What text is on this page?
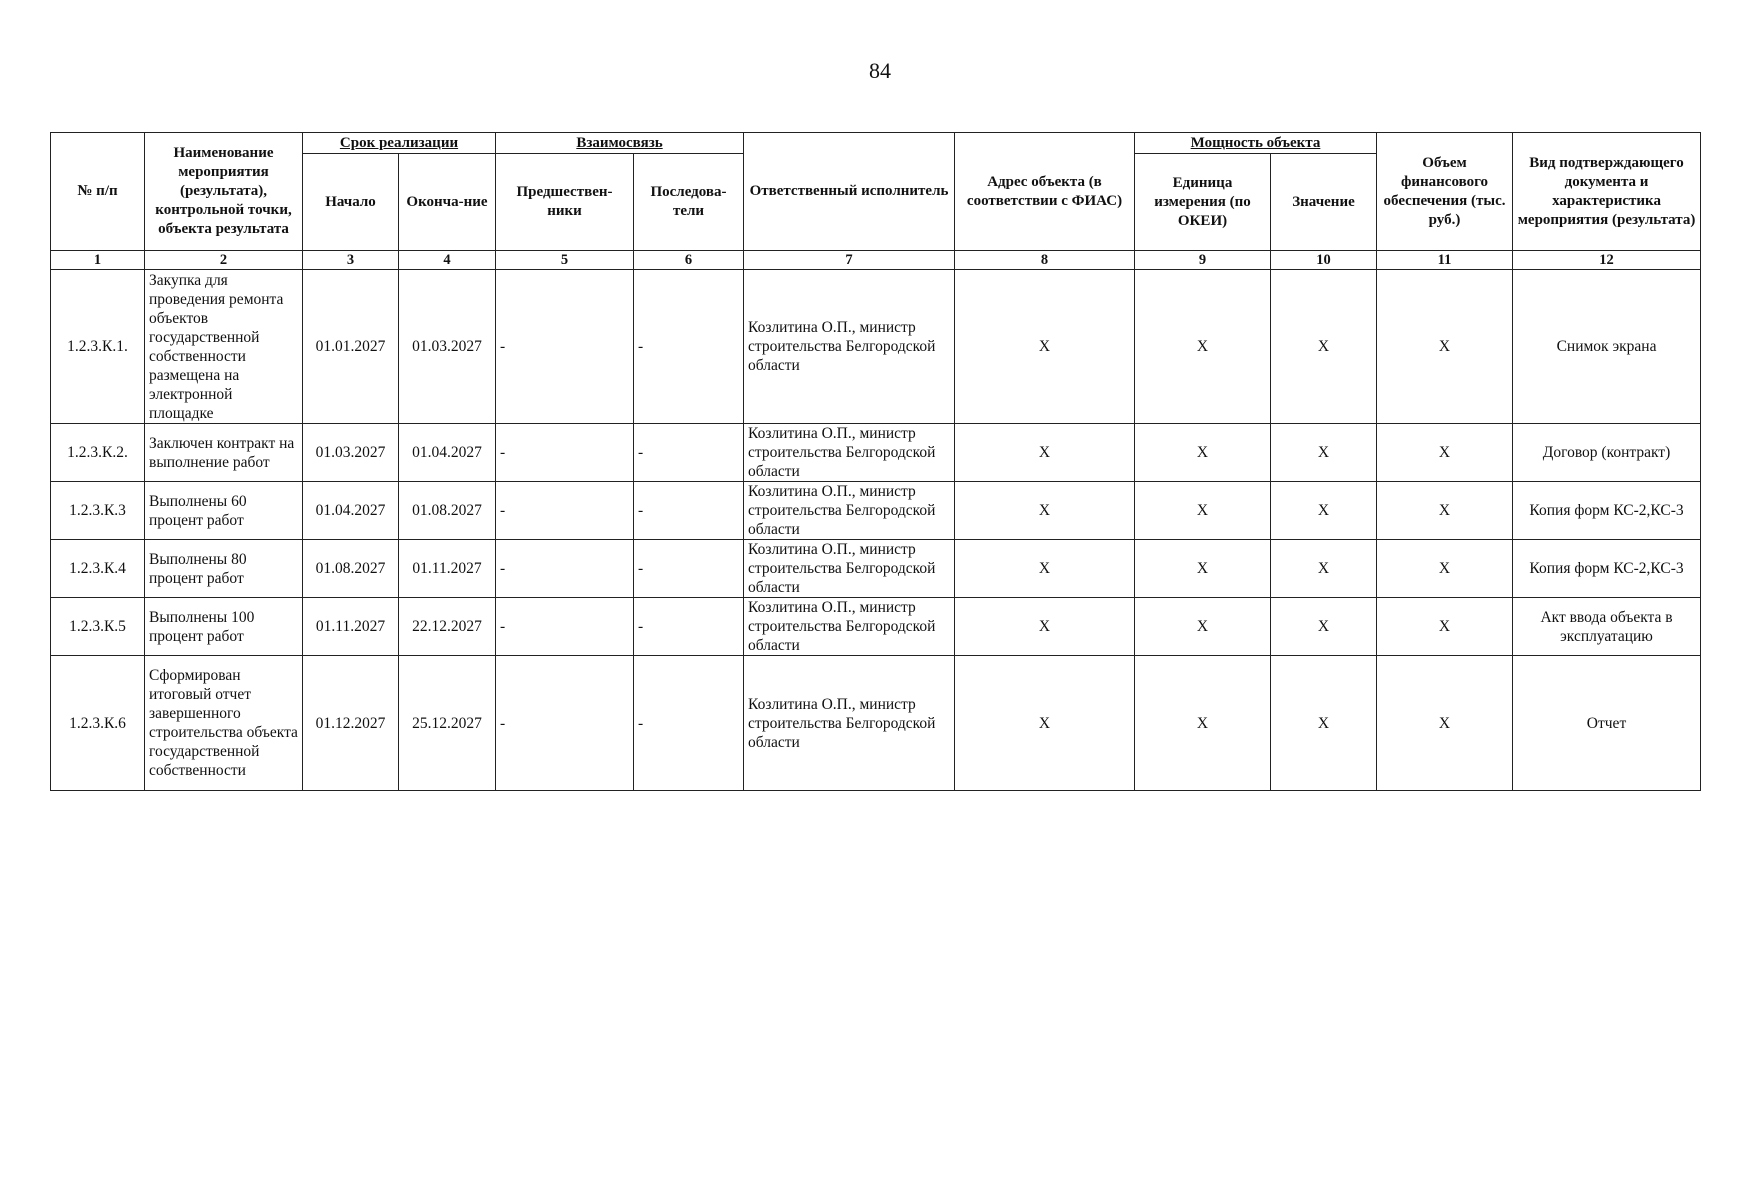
84
№ п/п	Наименование мероприятия (результата), контрольной точки, объекта результата	Срок реализации		Взаимосвязь		Ответственный исполнитель	Адрес объекта (в соответствии с ФИАС)	Мощность объекта		Объем финансового обеспечения (тыс. руб.)	Вид подтверждающего документа и характеристика мероприятия (результата)
		Начало	Оконча-ние	Предшествен-ники	Последова-тели			Единица измерения (по ОКЕИ)	Значение		
1	2	3	4	5	6	7	8	9	10	11	12
1.2.3.К.1.	Закупка для проведения ремонта объектов государственной собственности размещена на электронной площадке	01.01.2027	01.03.2027	-	-	Козлитина О.П., министр строительства Белгородской области	X	X	X	X	Снимок экрана
1.2.3.К.2.	Заключен контракт на выполнение работ	01.03.2027	01.04.2027	-	-	Козлитина О.П., министр строительства Белгородской области	X	X	X	X	Договор (контракт)
1.2.3.К.3	Выполнены 60 процент работ	01.04.2027	01.08.2027	-	-	Козлитина О.П., министр строительства Белгородской области	X	X	X	X	Копия форм КС-2,КС-3
1.2.3.К.4	Выполнены 80 процент работ	01.08.2027	01.11.2027	-	-	Козлитина О.П., министр строительства Белгородской области	X	X	X	X	Копия форм КС-2,КС-3
1.2.3.К.5	Выполнены 100 процент работ	01.11.2027	22.12.2027	-	-	Козлитина О.П., министр строительства Белгородской области	X	X	X	X	Акт ввода объекта в эксплуатацию
1.2.3.К.6	Сформирован итоговый отчет завершенного строительства объекта государственной собственности	01.12.2027	25.12.2027	-	-	Козлитина О.П., министр строительства Белгородской области	X	X	X	X	Отчет
